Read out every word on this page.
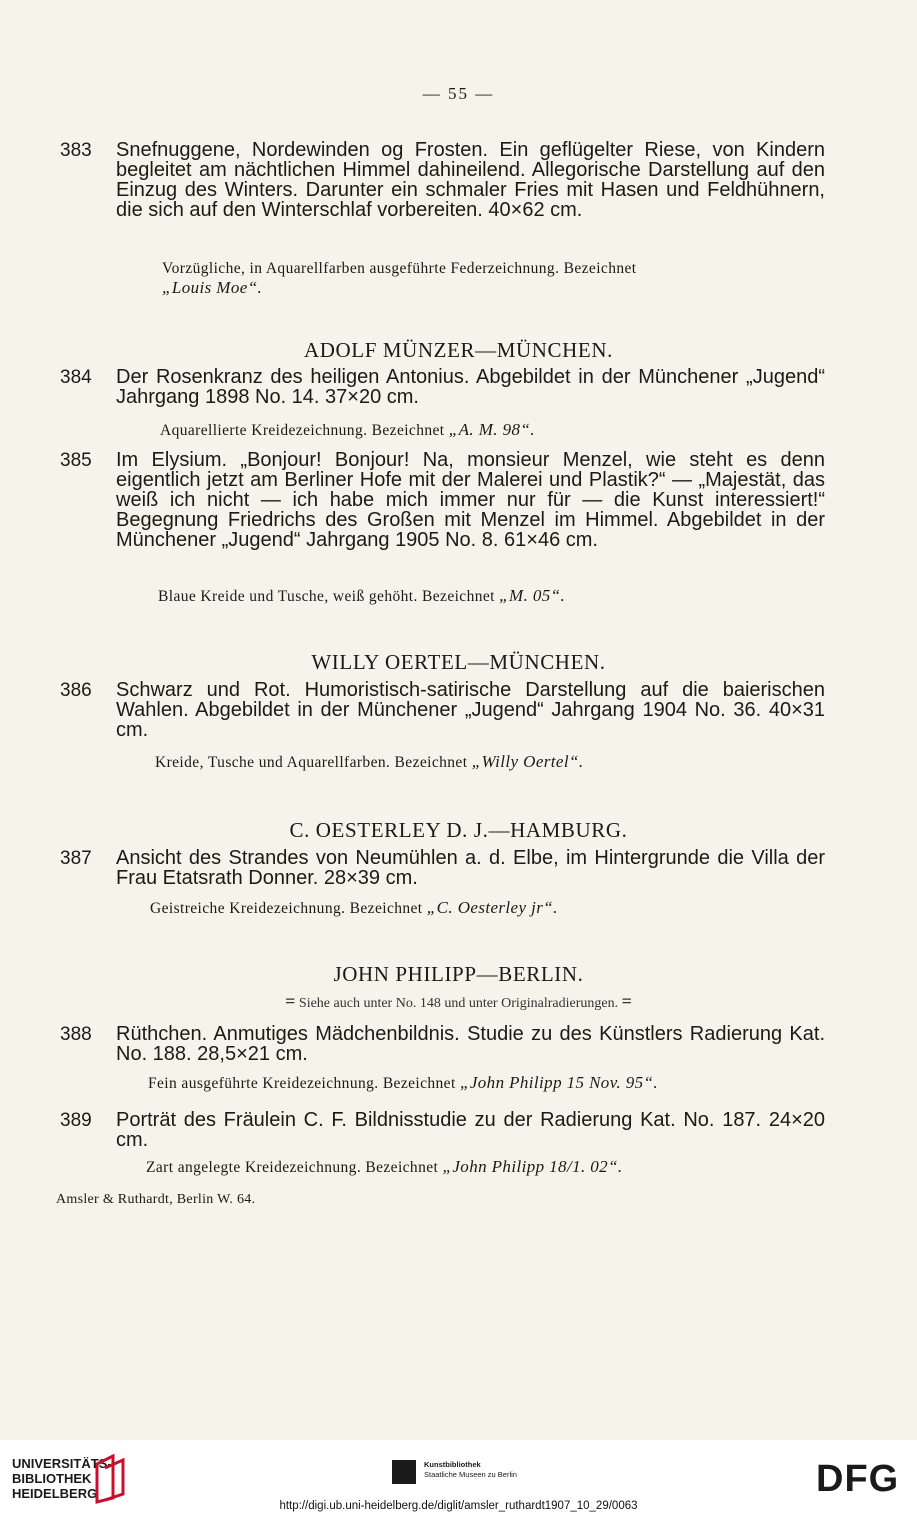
— 55 —
383 Snefnuggene, Nordewinden og Frosten. Ein geflügelter Riese, von Kindern begleitet am nächtlichen Himmel dahineilend. Allegorische Darstellung auf den Einzug des Winters. Darunter ein schmaler Fries mit Hasen und Feldhühnern, die sich auf den Winterschlaf vorbereiten. 40×62 cm.
Vorzügliche, in Aquarellfarben ausgeführte Federzeichnung. Bezeichnet
„Louis Moe“.
ADOLF MÜNZER—MÜNCHEN.
384 Der Rosenkranz des heiligen Antonius. Abgebildet in der Münchener „Jugend“ Jahrgang 1898 No. 14. 37×20 cm.
Aquarellierte Kreidezeichnung. Bezeichnet „A. M. 98“.
385 Im Elysium. „Bonjour! Bonjour! Na, monsieur Menzel, wie steht es denn eigentlich jetzt am Berliner Hofe mit der Malerei und Plastik?“ — „Majestät, das weiß ich nicht — ich habe mich immer nur für — die Kunst interessiert!“ Begegnung Friedrichs des Großen mit Menzel im Himmel. Abgebildet in der Münchener „Jugend“ Jahrgang 1905 No. 8. 61×46 cm.
Blaue Kreide und Tusche, weiß gehöht. Bezeichnet „M. 05“.
WILLY OERTEL—MÜNCHEN.
386 Schwarz und Rot. Humoristisch-satirische Darstellung auf die baierischen Wahlen. Abgebildet in der Münchener „Jugend“ Jahrgang 1904 No. 36. 40×31 cm.
Kreide, Tusche und Aquarellfarben. Bezeichnet „Willy Oertel“.
C. OESTERLEY D. J.—HAMBURG.
387 Ansicht des Strandes von Neumühlen a. d. Elbe, im Hintergrunde die Villa der Frau Etatsrath Donner. 28×39 cm.
Geistreiche Kreidezeichnung. Bezeichnet „C. Oesterley jr“.
JOHN PHILIPP—BERLIN.
= Siehe auch unter No. 148 und unter Originalradierungen. =
388 Rüthchen. Anmutiges Mädchenbildnis. Studie zu des Künstlers Radierung Kat. No. 188. 28,5×21 cm.
Fein ausgeführte Kreidezeichnung. Bezeichnet „John Philipp 15 Nov. 95“.
389 Porträt des Fräulein C. F. Bildnisstudie zu der Radierung Kat. No. 187. 24×20 cm.
Zart angelegte Kreidezeichnung. Bezeichnet „John Philipp 18/1. 02“.
Amsler & Ruthardt, Berlin W. 64.
UNIVERSITÄTS-
BIBLIOTHEK
HEIDELBERG
Kunstbibliothek
Staatliche Museen zu Berlin	DFG
http://digi.ub.uni-heidelberg.de/diglit/amsler_ruthardt1907_10_29/0063
